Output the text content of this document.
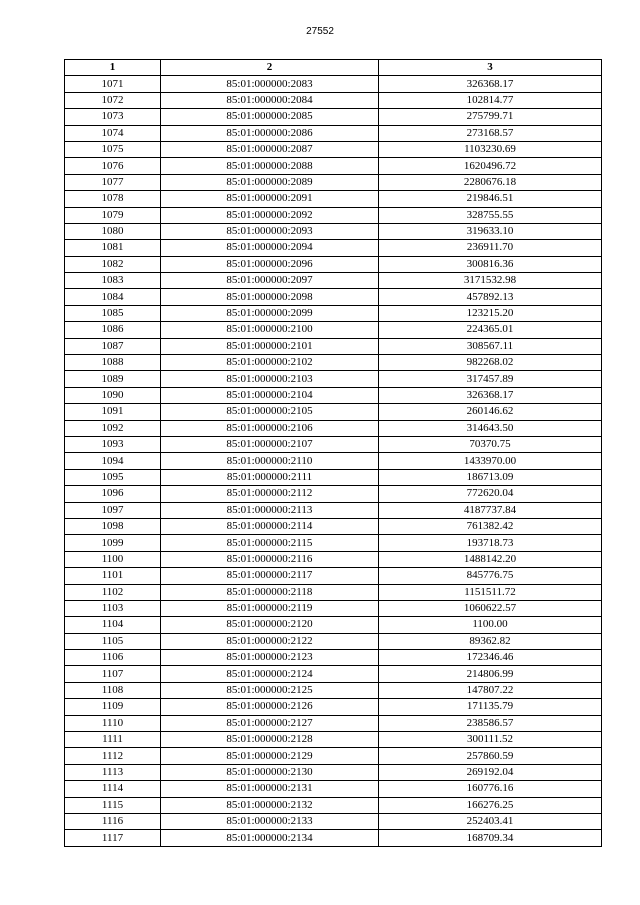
27552
1	2	3
1071	85:01:000000:2083	326368.17
1072	85:01:000000:2084	102814.77
1073	85:01:000000:2085	275799.71
1074	85:01:000000:2086	273168.57
1075	85:01:000000:2087	1103230.69
1076	85:01:000000:2088	1620496.72
1077	85:01:000000:2089	2280676.18
1078	85:01:000000:2091	219846.51
1079	85:01:000000:2092	328755.55
1080	85:01:000000:2093	319633.10
1081	85:01:000000:2094	236911.70
1082	85:01:000000:2096	300816.36
1083	85:01:000000:2097	3171532.98
1084	85:01:000000:2098	457892.13
1085	85:01:000000:2099	123215.20
1086	85:01:000000:2100	224365.01
1087	85:01:000000:2101	308567.11
1088	85:01:000000:2102	982268.02
1089	85:01:000000:2103	317457.89
1090	85:01:000000:2104	326368.17
1091	85:01:000000:2105	260146.62
1092	85:01:000000:2106	314643.50
1093	85:01:000000:2107	70370.75
1094	85:01:000000:2110	1433970.00
1095	85:01:000000:2111	186713.09
1096	85:01:000000:2112	772620.04
1097	85:01:000000:2113	4187737.84
1098	85:01:000000:2114	761382.42
1099	85:01:000000:2115	193718.73
1100	85:01:000000:2116	1488142.20
1101	85:01:000000:2117	845776.75
1102	85:01:000000:2118	1151511.72
1103	85:01:000000:2119	1060622.57
1104	85:01:000000:2120	1100.00
1105	85:01:000000:2122	89362.82
1106	85:01:000000:2123	172346.46
1107	85:01:000000:2124	214806.99
1108	85:01:000000:2125	147807.22
1109	85:01:000000:2126	171135.79
1110	85:01:000000:2127	238586.57
1111	85:01:000000:2128	300111.52
1112	85:01:000000:2129	257860.59
1113	85:01:000000:2130	269192.04
1114	85:01:000000:2131	160776.16
1115	85:01:000000:2132	166276.25
1116	85:01:000000:2133	252403.41
1117	85:01:000000:2134	168709.34
